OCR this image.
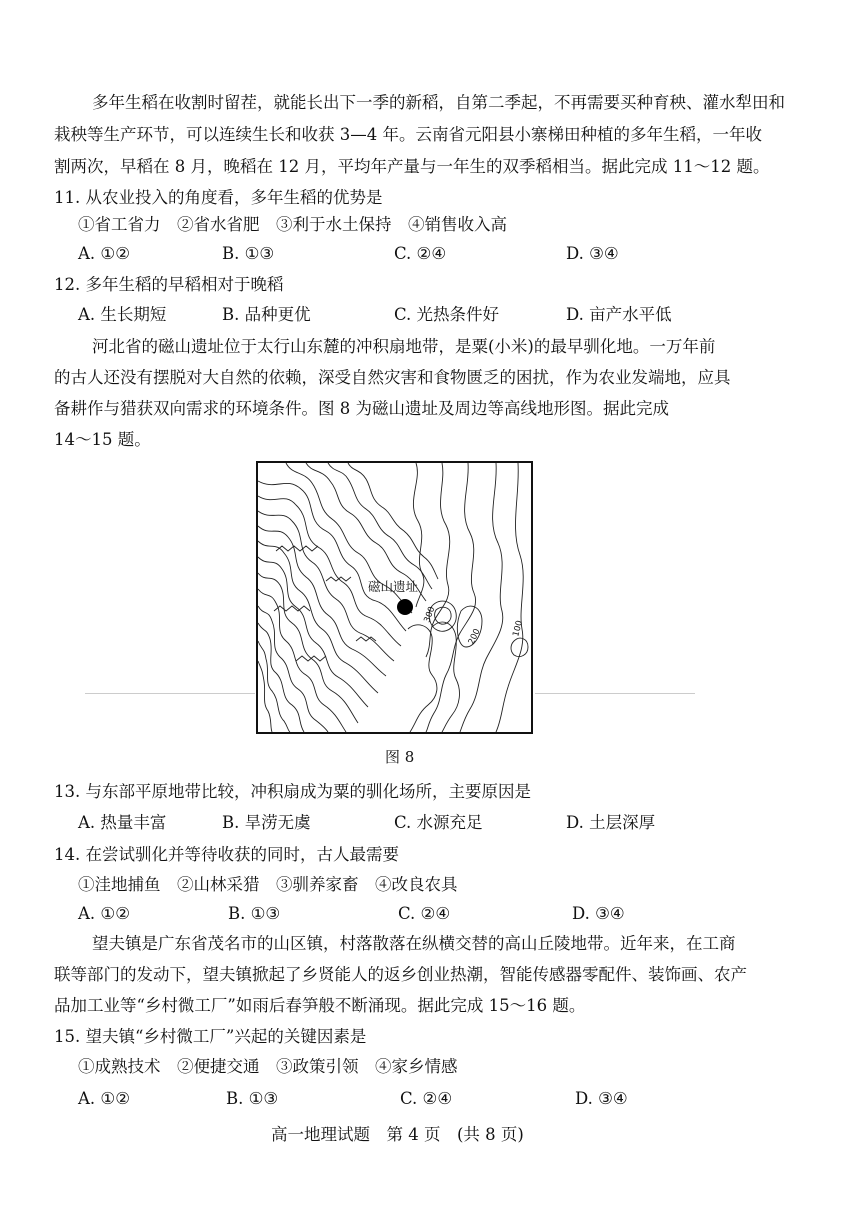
多年生稻在收割时留茬，就能长出下一季的新稻，自第二季起，不再需要买种育秧、灌水犁田和
栽秧等生产环节，可以连续生长和收获 3—4 年。云南省元阳县小寨梯田种植的多年生稻，一年收
割两次，早稻在 8 月，晚稻在 12 月，平均年产量与一年生的双季稻相当。据此完成 11～12 题。
11. 从农业投入的角度看，多年生稻的优势是
①省工省力　②省水省肥　③利于水土保持　④销售收入高
A. ①②	B. ①③	C. ②④	D. ③④
12. 多年生稻的早稻相对于晚稻
A. 生长期短	B. 品种更优	C. 光热条件好	D. 亩产水平低
河北省的磁山遗址位于太行山东麓的冲积扇地带，是粟(小米)的最早驯化地。一万年前
的古人还没有摆脱对大自然的依赖，深受自然灾害和食物匮乏的困扰，作为农业发端地，应具
备耕作与猎获双向需求的环境条件。图 8 为磁山遗址及周边等高线地形图。据此完成
14～15 题。
磁山遗址
300
200	100
图 8
13. 与东部平原地带比较，冲积扇成为粟的驯化场所，主要原因是
A. 热量丰富	B. 旱涝无虞	C. 水源充足	D. 土层深厚
14. 在尝试驯化并等待收获的同时，古人最需要
①洼地捕鱼　②山林采猎　③驯养家畜　④改良农具
A. ①②	B. ①③	C. ②④	D. ③④
望夫镇是广东省茂名市的山区镇，村落散落在纵横交替的高山丘陵地带。近年来，在工商
联等部门的发动下，望夫镇掀起了乡贤能人的返乡创业热潮，智能传感器零配件、装饰画、农产
品加工业等“乡村微工厂”如雨后春笋般不断涌现。据此完成 15～16 题。
15. 望夫镇“乡村微工厂”兴起的关键因素是
①成熟技术　②便捷交通　③政策引领　④家乡情感
A. ①②	B. ①③	C. ②④	D. ③④
高一地理试题　第 4 页　(共 8 页)
